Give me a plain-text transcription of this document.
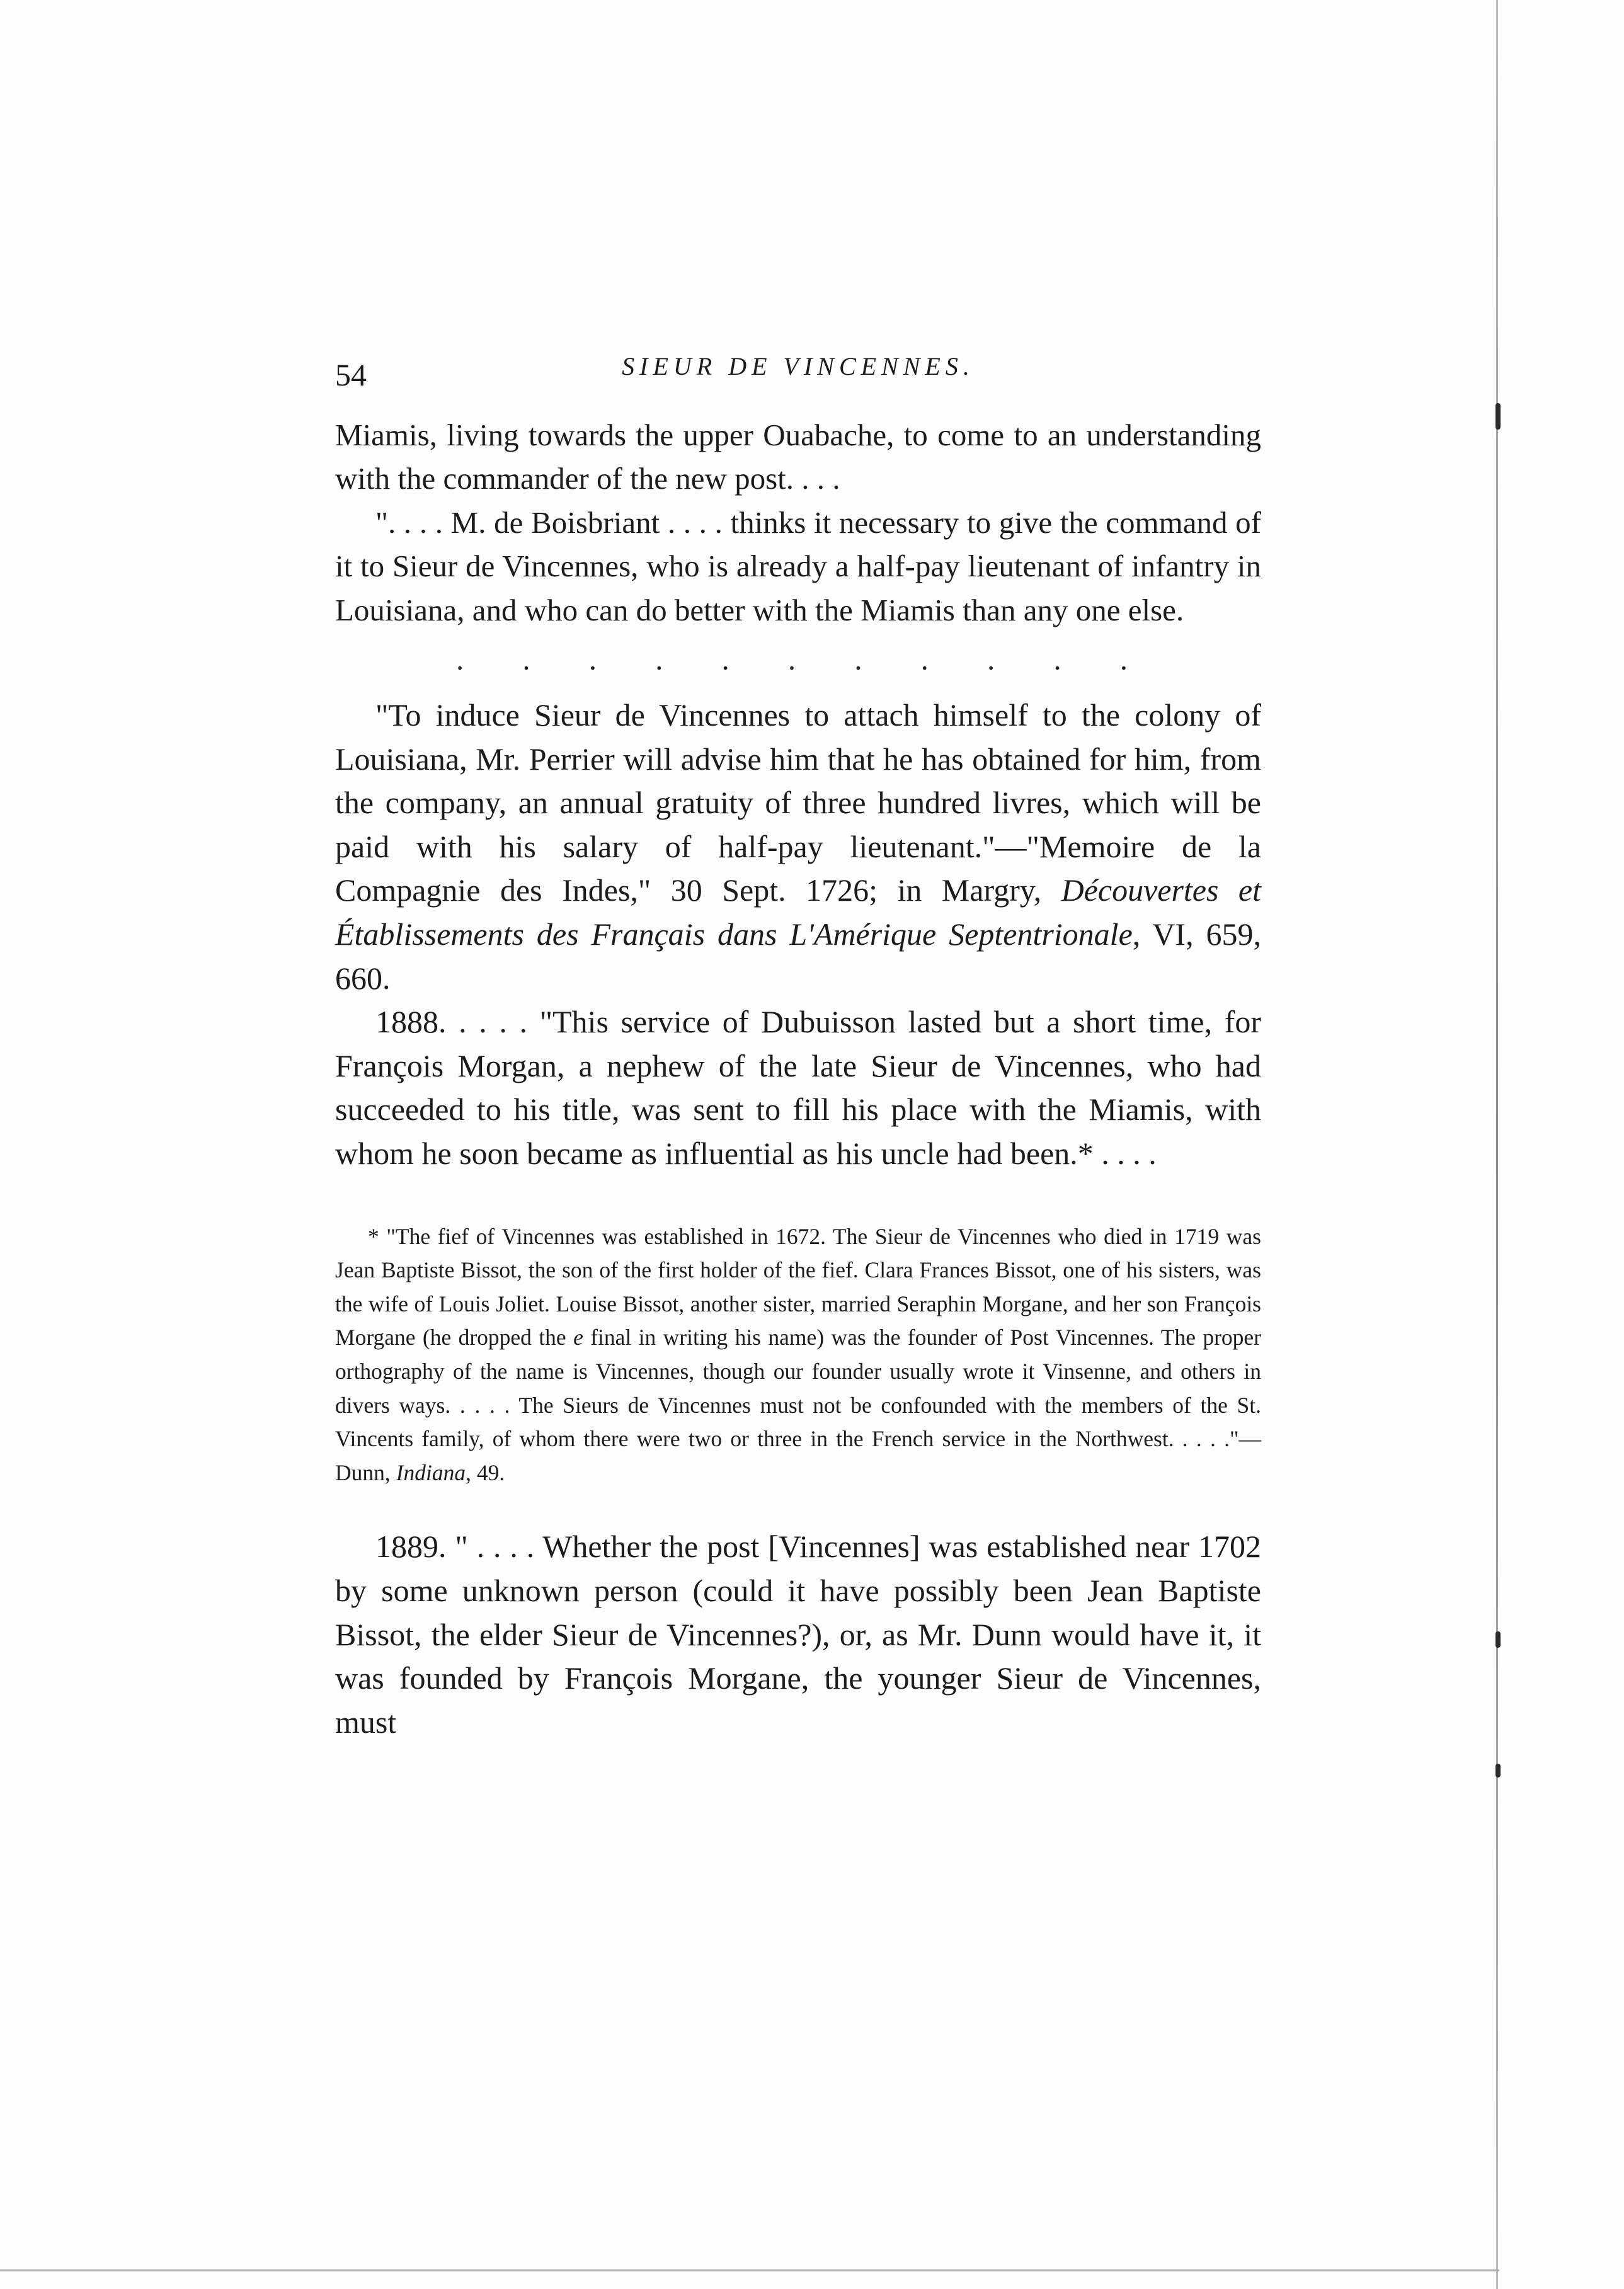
54	SIEUR DE VINCENNES.

Miamis, living towards the upper Ouabache, to come to an understanding with the commander of the new post. . . .

". . . . M. de Boisbriant . . . . thinks it necessary to give the command of it to Sieur de Vincennes, who is already a half-pay lieutenant of infantry in Louisiana, and who can do better with the Miamis than any one else.

. . . . . . . . . . .

"To induce Sieur de Vincennes to attach himself to the colony of Louisiana, Mr. Perrier will advise him that he has obtained for him, from the company, an annual gratuity of three hundred livres, which will be paid with his salary of half-pay lieutenant."—"Memoire de la Compagnie des Indes," 30 Sept. 1726; in Margry, Découvertes et Établissements des Français dans L'Amérique Septentrionale, VI, 659, 660.

1888. . . . . "This service of Dubuisson lasted but a short time, for François Morgan, a nephew of the late Sieur de Vincennes, who had succeeded to his title, was sent to fill his place with the Miamis, with whom he soon became as influential as his uncle had been.* . . . .

* "The fief of Vincennes was established in 1672. The Sieur de Vincennes who died in 1719 was Jean Baptiste Bissot, the son of the first holder of the fief. Clara Frances Bissot, one of his sisters, was the wife of Louis Joliet. Louise Bissot, another sister, married Seraphin Morgane, and her son François Morgane (he dropped the e final in writing his name) was the founder of Post Vincennes. The proper orthography of the name is Vincennes, though our founder usually wrote it Vinsenne, and others in divers ways. . . . . The Sieurs de Vincennes must not be confounded with the members of the St. Vincents family, of whom there were two or three in the French service in the Northwest. . . . ."—Dunn, Indiana, 49.

1889. " . . . . Whether the post [Vincennes] was established near 1702 by some unknown person (could it have possibly been Jean Baptiste Bissot, the elder Sieur de Vincennes?), or, as Mr. Dunn would have it, it was founded by François Morgane, the younger Sieur de Vincennes, must
